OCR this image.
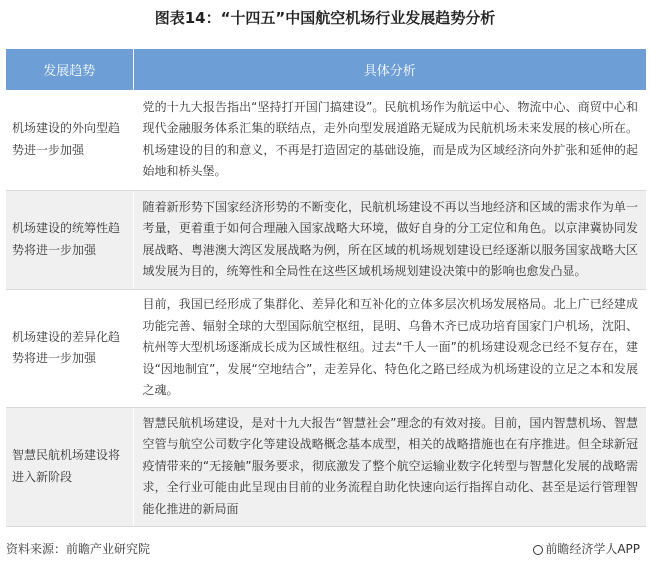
图表14：“十四五”中国航空机场行业发展趋势分析
发展趋势	具体分析
机场建设的外向型趋势进一步加强	党的十九大报告指出“坚持打开国门搞建设”。民航机场作为航运中心、物流中心、商贸中心和现代金融服务体系汇集的联结点，走外向型发展道路无疑成为民航机场未来发展的核心所在。机场建设的目的和意义，不再是打造固定的基础设施，而是成为区域经济向外扩张和延伸的起始地和桥头堡。
机场建设的统筹性趋势将进一步加强	随着新形势下国家经济形势的不断变化，民航机场建设不再以当地经济和区域的需求作为单一考量，更着重于如何合理融入国家战略大环境，做好自身的分工定位和角色。以京津冀协同发展战略、粤港澳大湾区发展战略为例，所在区域的机场规划建设已经逐渐以服务国家战略大区域发展为目的，统筹性和全局性在这些区域机场规划建设决策中的影响也愈发凸显。
机场建设的差异化趋势将进一步加强	目前，我国已经形成了集群化、差异化和互补化的立体多层次机场发展格局。北上广已经建成功能完善、辐射全球的大型国际航空枢纽，昆明、乌鲁木齐已成功培育国家门户机场，沈阳、杭州等大型机场逐渐成长成为区域性枢纽。过去“千人一面”的机场建设观念已经不复存在，建设“因地制宜”，发展“空地结合”，走差异化、特色化之路已经成为机场建设的立足之本和发展之魂。
智慧民航机场建设将进入新阶段	智慧民航机场建设，是对十九大报告“智慧社会”理念的有效对接。目前，国内智慧机场、智慧空管与航空公司数字化等建设战略概念基本成型，相关的战略措施也在有序推进。但全球新冠疫情带来的“无接触”服务要求，彻底激发了整个航空运输业数字化转型与智慧化发展的战略需求，全行业可能由此呈现由目前的业务流程自助化快速向运行指挥自动化、甚至是运行管理智能化推进的新局面
资料来源：前瞻产业研究院	前瞻经济学人APP
